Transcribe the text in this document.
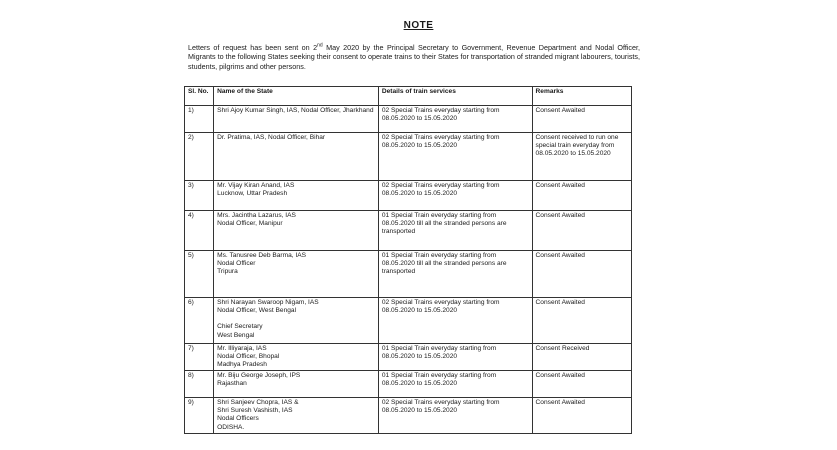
NOTE
Letters of request has been sent on 2nd May 2020 by the Principal Secretary to Government, Revenue Department and Nodal Officer, Migrants to the following States seeking their consent to operate trains to their States for transportation of stranded migrant labourers, tourists, students, pilgrims and other persons.
Sl. No.	Name of the State	Details of train services	Remarks
1)	Shri Ajoy Kumar Singh, IAS, Nodal Officer, Jharkhand	02 Special Trains everyday starting from
08.05.2020 to 15.05.2020	Consent Awaited
2)	Dr. Pratima, IAS, Nodal Officer, Bihar	02 Special Trains everyday starting from
08.05.2020 to 15.05.2020	Consent received to run one special train everyday from 08.05.2020 to 15.05.2020
3)	Mr. Vijay Kiran Anand, IAS
Lucknow, Uttar Pradesh	02 Special Trains everyday starting from
08.05.2020 to 15.05.2020	Consent Awaited
4)	Mrs. Jacintha Lazarus, IAS
Nodal Officer, Manipur	01 Special Train everyday starting from
08.05.2020 till all the stranded persons are transported	Consent Awaited
5)	Ms. Tanusree Deb Barma, IAS
Nodal Officer
Tripura	01 Special Train everyday starting from
08.05.2020 till all the stranded persons are transported	Consent Awaited
6)	Shri Narayan Swaroop Nigam, IAS
Nodal Officer, West Bengal
Chief Secretary
West Bengal	02 Special Trains everyday starting from
08.05.2020 to 15.05.2020	Consent Awaited
7)	Mr. Illiyaraja, IAS
Nodal Officer, Bhopal
Madhya Pradesh	01 Special Train everyday starting from
08.05.2020 to 15.05.2020	Consent Received
8)	Mr. Biju George Joseph, IPS
Rajasthan	01 Special Train everyday starting from
08.05.2020 to 15.05.2020	Consent Awaited
9)	Shri Sanjeev Chopra, IAS &
Shri Suresh Vashisth, IAS
Nodal Officers
ODISHA.	02 Special Trains everyday starting from
08.05.2020 to 15.05.2020	Consent Awaited
